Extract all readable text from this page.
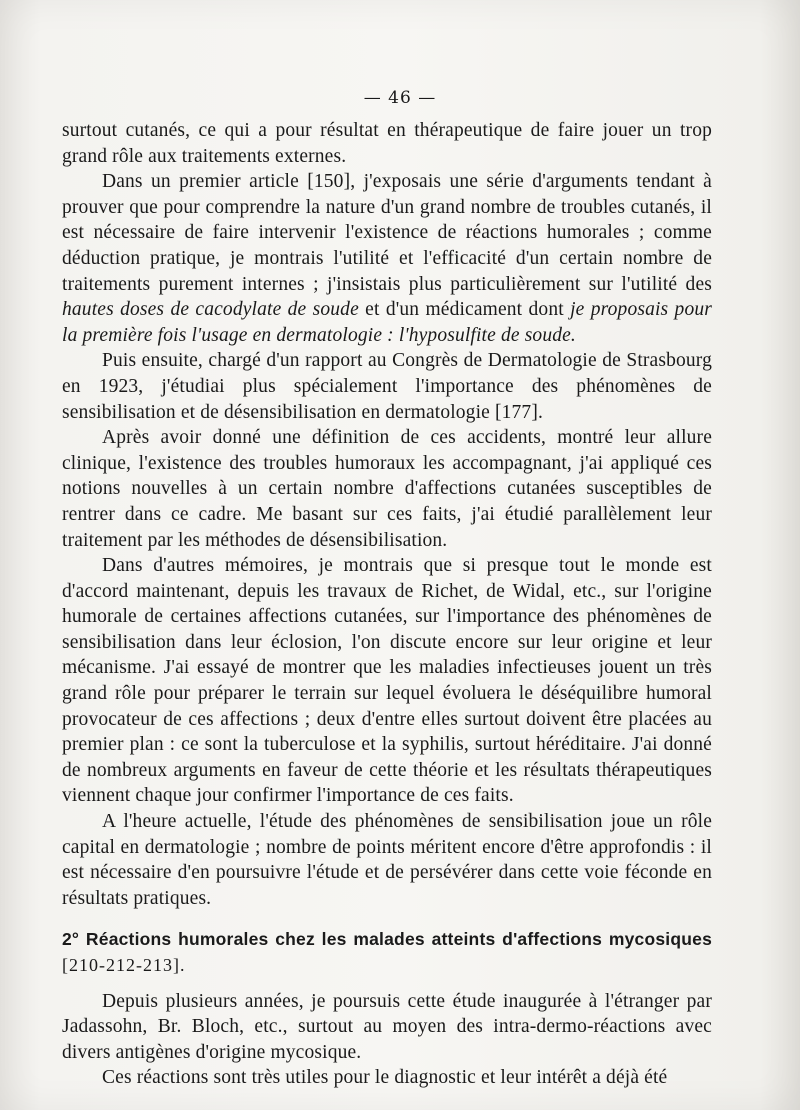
— 46 —

surtout cutanés, ce qui a pour résultat en thérapeutique de faire jouer un trop grand rôle aux traitements externes.

Dans un premier article [150], j'exposais une série d'arguments tendant à prouver que pour comprendre la nature d'un grand nombre de troubles cutanés, il est nécessaire de faire intervenir l'existence de réactions humorales ; comme déduction pratique, je montrais l'utilité et l'efficacité d'un certain nombre de traitements purement internes ; j'insistais plus particulièrement sur l'utilité des hautes doses de cacodylate de soude et d'un médicament dont je proposais pour la première fois l'usage en dermatologie : l'hyposulfite de soude.

Puis ensuite, chargé d'un rapport au Congrès de Dermatologie de Strasbourg en 1923, j'étudiai plus spécialement l'importance des phénomènes de sensibilisation et de désensibilisation en dermatologie [177].

Après avoir donné une définition de ces accidents, montré leur allure clinique, l'existence des troubles humoraux les accompagnant, j'ai appliqué ces notions nouvelles à un certain nombre d'affections cutanées susceptibles de rentrer dans ce cadre. Me basant sur ces faits, j'ai étudié parallèlement leur traitement par les méthodes de désensibilisation.

Dans d'autres mémoires, je montrais que si presque tout le monde est d'accord maintenant, depuis les travaux de Richet, de Widal, etc., sur l'origine humorale de certaines affections cutanées, sur l'importance des phénomènes de sensibilisation dans leur éclosion, l'on discute encore sur leur origine et leur mécanisme. J'ai essayé de montrer que les maladies infectieuses jouent un très grand rôle pour préparer le terrain sur lequel évoluera le déséquilibre humoral provocateur de ces affections ; deux d'entre elles surtout doivent être placées au premier plan : ce sont la tuberculose et la syphilis, surtout héréditaire. J'ai donné de nombreux arguments en faveur de cette théorie et les résultats thérapeutiques viennent chaque jour confirmer l'importance de ces faits.

A l'heure actuelle, l'étude des phénomènes de sensibilisation joue un rôle capital en dermatologie ; nombre de points méritent encore d'être approfondis : il est nécessaire d'en poursuivre l'étude et de persévérer dans cette voie féconde en résultats pratiques.

2° Réactions humorales chez les malades atteints d'affections mycosiques [210-212-213].

Depuis plusieurs années, je poursuis cette étude inaugurée à l'étranger par Jadassohn, Br. Bloch, etc., surtout au moyen des intra-dermo-réactions avec divers antigènes d'origine mycosique.

Ces réactions sont très utiles pour le diagnostic et leur intérêt a déjà été
